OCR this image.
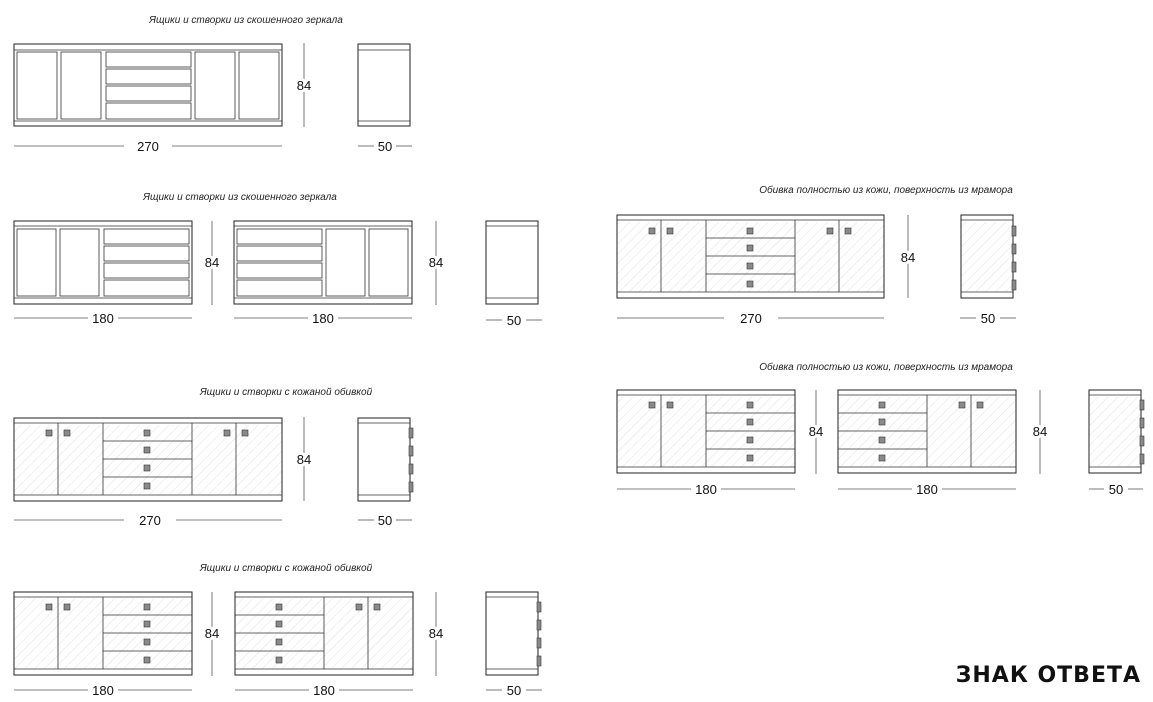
Ящики и створки из скошенного зеркала
Ящики и створки из скошенного зеркала
Ящики и створки с кожаной обивкой
Ящики и створки с кожаной обивкой
Обивка полностью из кожи, поверхность из мрамора
Обивка полностью из кожи, поверхность из мрамора
84
270	50
84	84
180	180	50
84
270	50
84
270	50
84	84
180	180	50
84	84
180	180	50
ЗНАК ОТВЕТА
